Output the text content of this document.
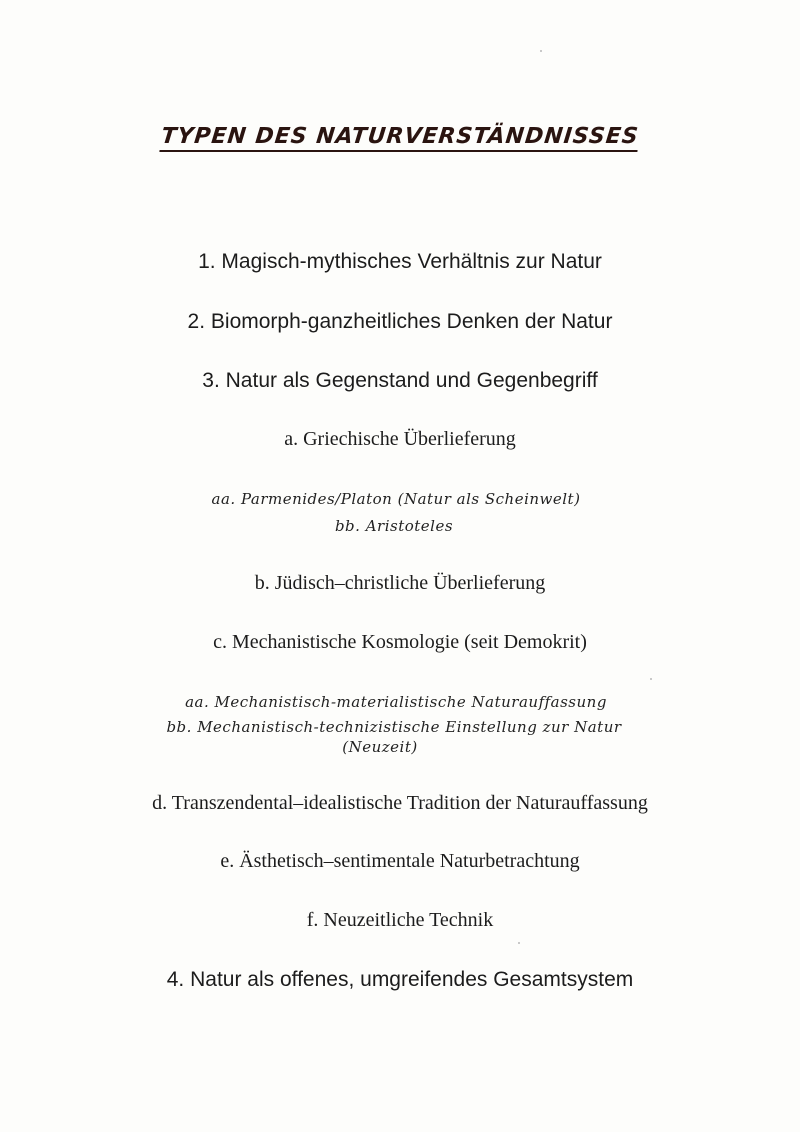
TYPEN DES NATURVERSTÄNDNISSES
1. Magisch-mythisches Verhältnis zur Natur
2. Biomorph-ganzheitliches Denken der Natur
3. Natur als Gegenstand und Gegenbegriff
a. Griechische Überlieferung
aa. Parmenides/Platon (Natur als Scheinwelt)
bb. Aristoteles
b. Jüdisch–christliche Überlieferung
c. Mechanistische Kosmologie (seit Demokrit)
aa. Mechanistisch-materialistische Naturauffassung
bb. Mechanistisch-technizistische Einstellung zur Natur
(Neuzeit)
d. Transzendental–idealistische Tradition der Naturauffassung
e. Ästhetisch–sentimentale Naturbetrachtung
f. Neuzeitliche Technik
4. Natur als offenes, umgreifendes Gesamtsystem
